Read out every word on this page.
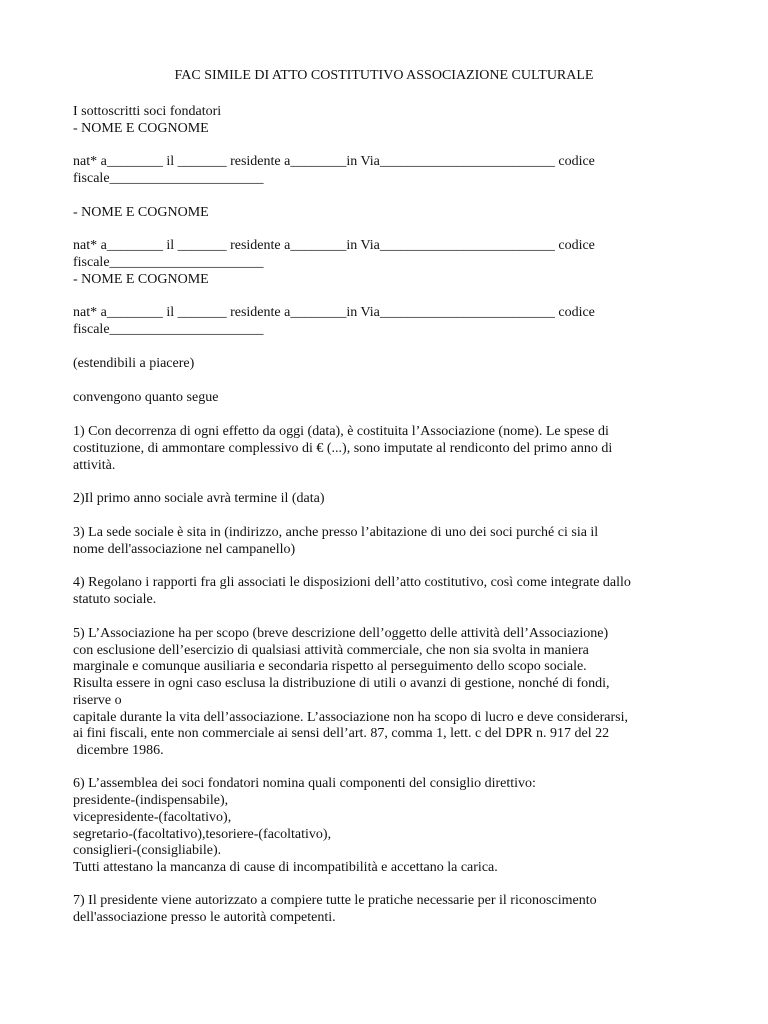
FAC SIMILE DI ATTO COSTITUTIVO ASSOCIAZIONE CULTURALE
I sottoscritti soci fondatori
- NOME E COGNOME
nat* a________ il _______ residente a________in Via_________________________ codice
fiscale______________________
- NOME E COGNOME
nat* a________ il _______ residente a________in Via_________________________ codice
fiscale______________________
- NOME E COGNOME
nat* a________ il _______ residente a________in Via_________________________ codice
fiscale______________________
(estendibili a piacere)
convengono quanto segue
1) Con decorrenza di ogni effetto da oggi (data), è costituita l’Associazione (nome). Le spese di
costituzione, di ammontare complessivo di € (...), sono imputate al rendiconto del primo anno di
attività.
2)Il primo anno sociale avrà termine il (data)
3) La sede sociale è sita in (indirizzo, anche presso l’abitazione di uno dei soci purché ci sia il
nome dell'associazione nel campanello)
4) Regolano i rapporti fra gli associati le disposizioni dell’atto costitutivo, così come integrate dallo
statuto sociale.
5) L’Associazione ha per scopo (breve descrizione dell’oggetto delle attività dell’Associazione)
con esclusione dell’esercizio di qualsiasi attività commerciale, che non sia svolta in maniera
marginale e comunque ausiliaria e secondaria rispetto al perseguimento dello scopo sociale.
Risulta essere in ogni caso esclusa la distribuzione di utili o avanzi di gestione, nonché di fondi,
riserve o
capitale durante la vita dell’associazione. L’associazione non ha scopo di lucro e deve considerarsi,
ai fini fiscali, ente non commerciale ai sensi dell’art. 87, comma 1, lett. c del DPR n. 917 del 22
dicembre 1986.
6) L’assemblea dei soci fondatori nomina quali componenti del consiglio direttivo:
presidente-(indispensabile),
vicepresidente-(facoltativo),
segretario-(facoltativo),tesoriere-(facoltativo),
consiglieri-(consigliabile).
Tutti attestano la mancanza di cause di incompatibilità e accettano la carica.
7) Il presidente viene autorizzato a compiere tutte le pratiche necessarie per il riconoscimento
dell'associazione presso le autorità competenti.
